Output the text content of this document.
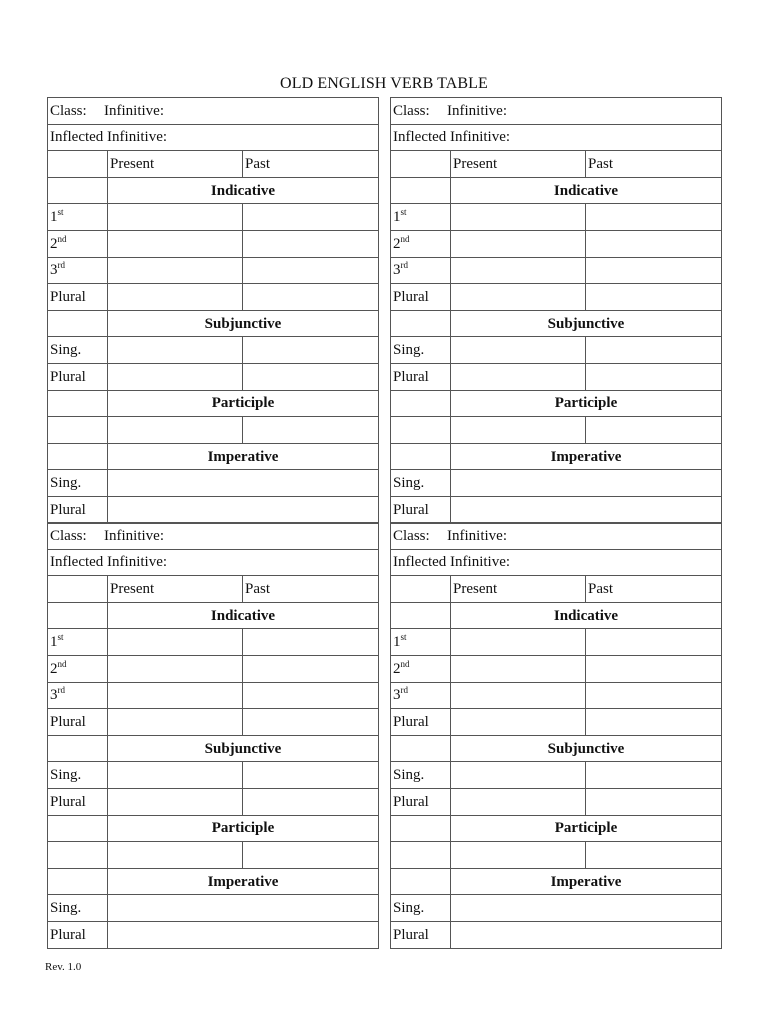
OLD ENGLISH VERB TABLE
Class: Infinitive:		
Inflected Infinitive:		
	Present	Past
	Indicative	
1st		
2nd		
3rd		
Plural		
	Subjunctive	
Sing.		
Plural		
	Participle	

	Imperative	
Sing.		
Plural		
Class: Infinitive:		
Inflected Infinitive:		
	Present	Past
	Indicative	
1st		
2nd		
3rd		
Plural		
	Subjunctive	
Sing.		
Plural		
	Participle	

	Imperative	
Sing.		
Plural		
Class: Infinitive:		
Inflected Infinitive:		
	Present	Past
	Indicative	
1st		
2nd		
3rd		
Plural		
	Subjunctive	
Sing.		
Plural		
	Participle	

	Imperative	
Sing.		
Plural		
Class: Infinitive:		
Inflected Infinitive:		
	Present	Past
	Indicative	
1st		
2nd		
3rd		
Plural		
	Subjunctive	
Sing.		
Plural		
	Participle	

	Imperative	
Sing.		
Plural		
Rev. 1.0
